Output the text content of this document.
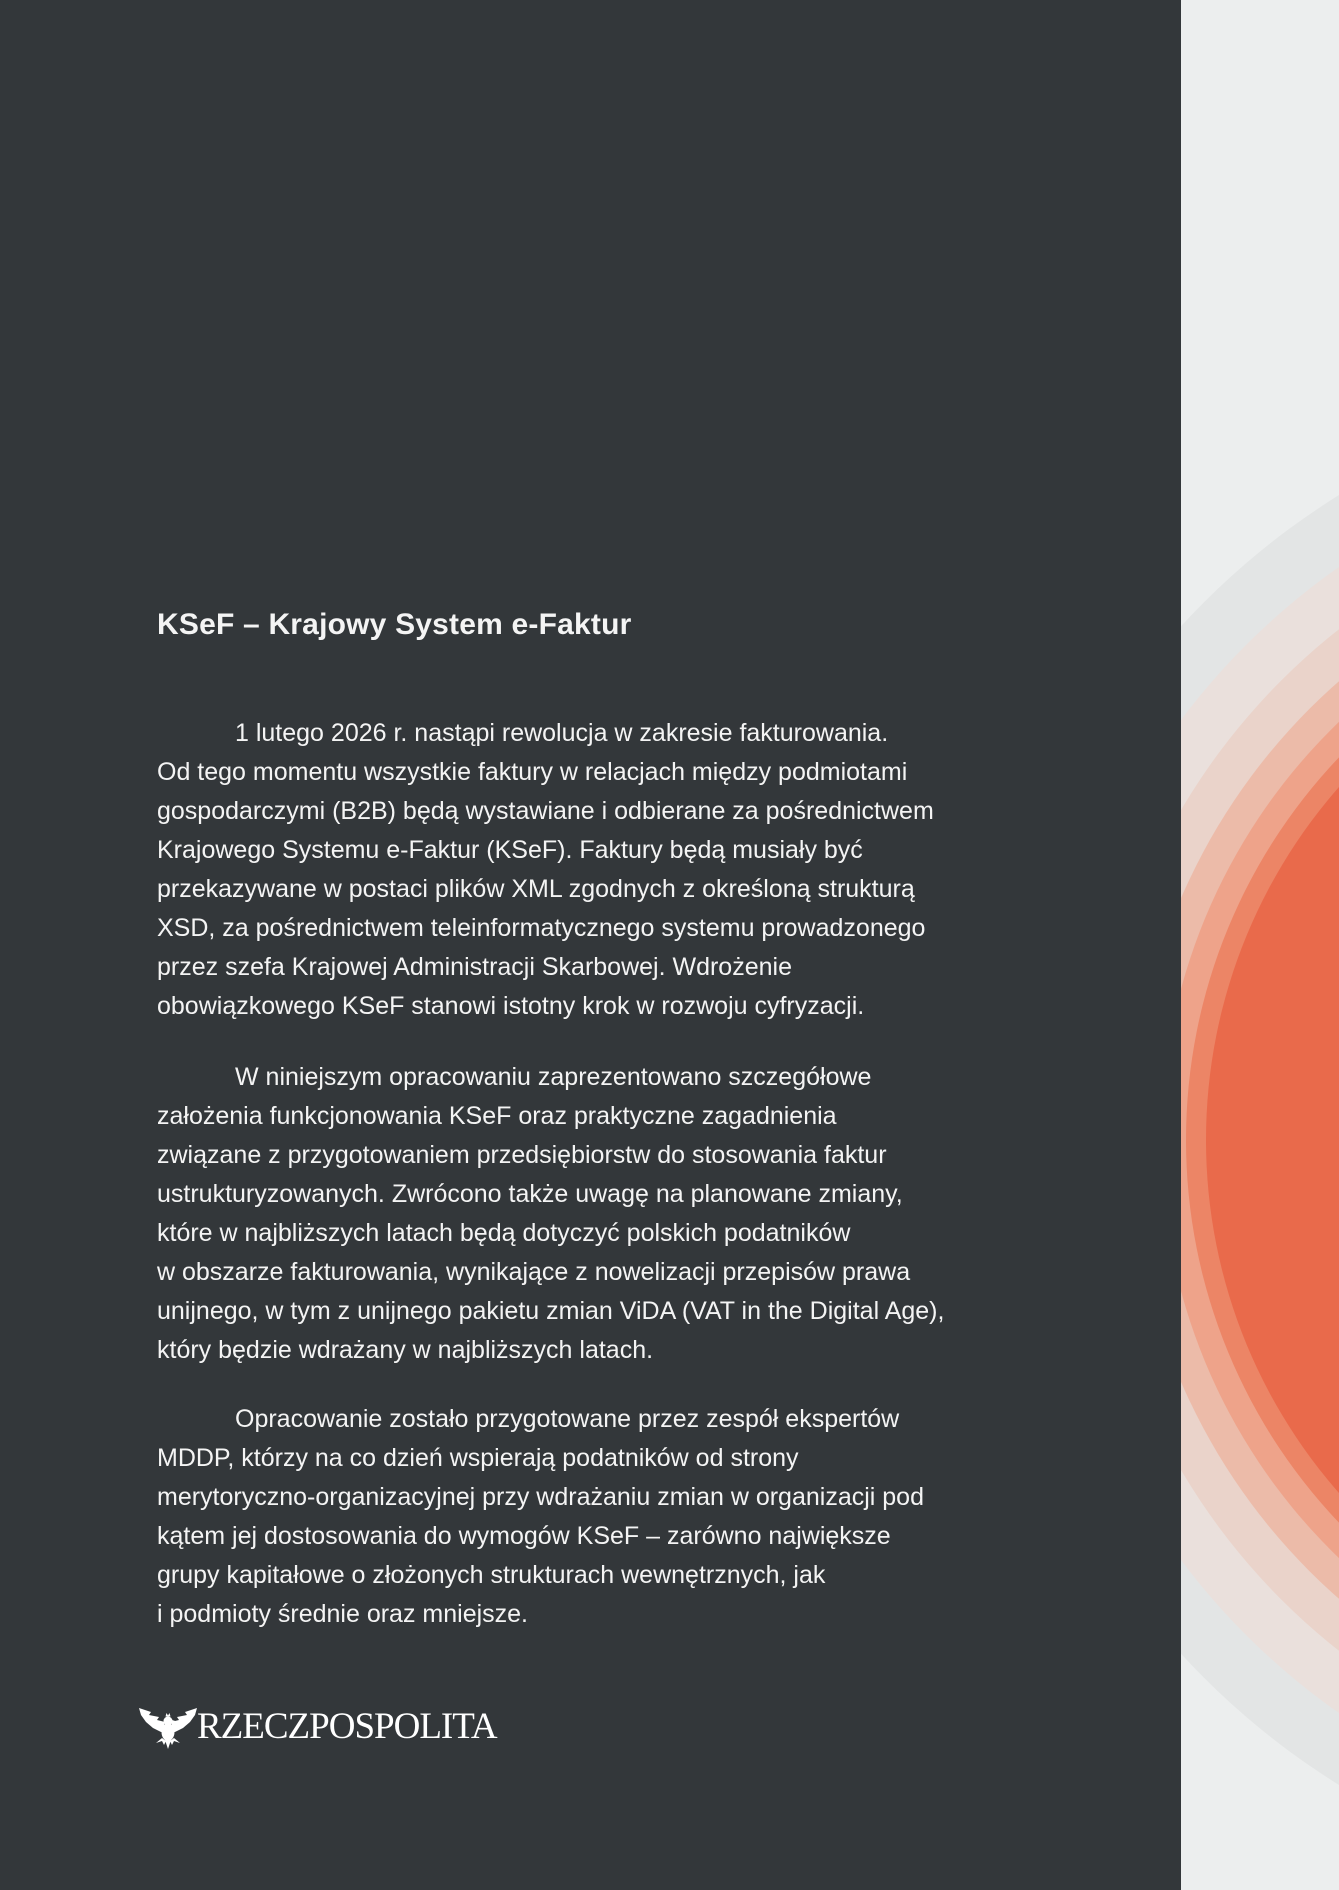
KSeF – Krajowy System e-Faktur

1 lutego 2026 r. nastąpi rewolucja w zakresie fakturowania.
Od tego momentu wszystkie faktury w relacjach między podmiotami
gospodarczymi (B2B) będą wystawiane i odbierane za pośrednictwem
Krajowego Systemu e-Faktur (KSeF). Faktury będą musiały być
przekazywane w postaci plików XML zgodnych z określoną strukturą
XSD, za pośrednictwem teleinformatycznego systemu prowadzonego
przez szefa Krajowej Administracji Skarbowej. Wdrożenie
obowiązkowego KSeF stanowi istotny krok w rozwoju cyfryzacji.

W niniejszym opracowaniu zaprezentowano szczegółowe
założenia funkcjonowania KSeF oraz praktyczne zagadnienia
związane z przygotowaniem przedsiębiorstw do stosowania faktur
ustrukturyzowanych. Zwrócono także uwagę na planowane zmiany,
które w najbliższych latach będą dotyczyć polskich podatników
w obszarze fakturowania, wynikające z nowelizacji przepisów prawa
unijnego, w tym z unijnego pakietu zmian ViDA (VAT in the Digital Age),
który będzie wdrażany w najbliższych latach.

Opracowanie zostało przygotowane przez zespół ekspertów
MDDP, którzy na co dzień wspierają podatników od strony
merytoryczno-organizacyjnej przy wdrażaniu zmian w organizacji pod
kątem jej dostosowania do wymogów KSeF – zarówno największe
grupy kapitałowe o złożonych strukturach wewnętrznych, jak
i podmioty średnie oraz mniejsze.

RZECZPOSPOLITA
